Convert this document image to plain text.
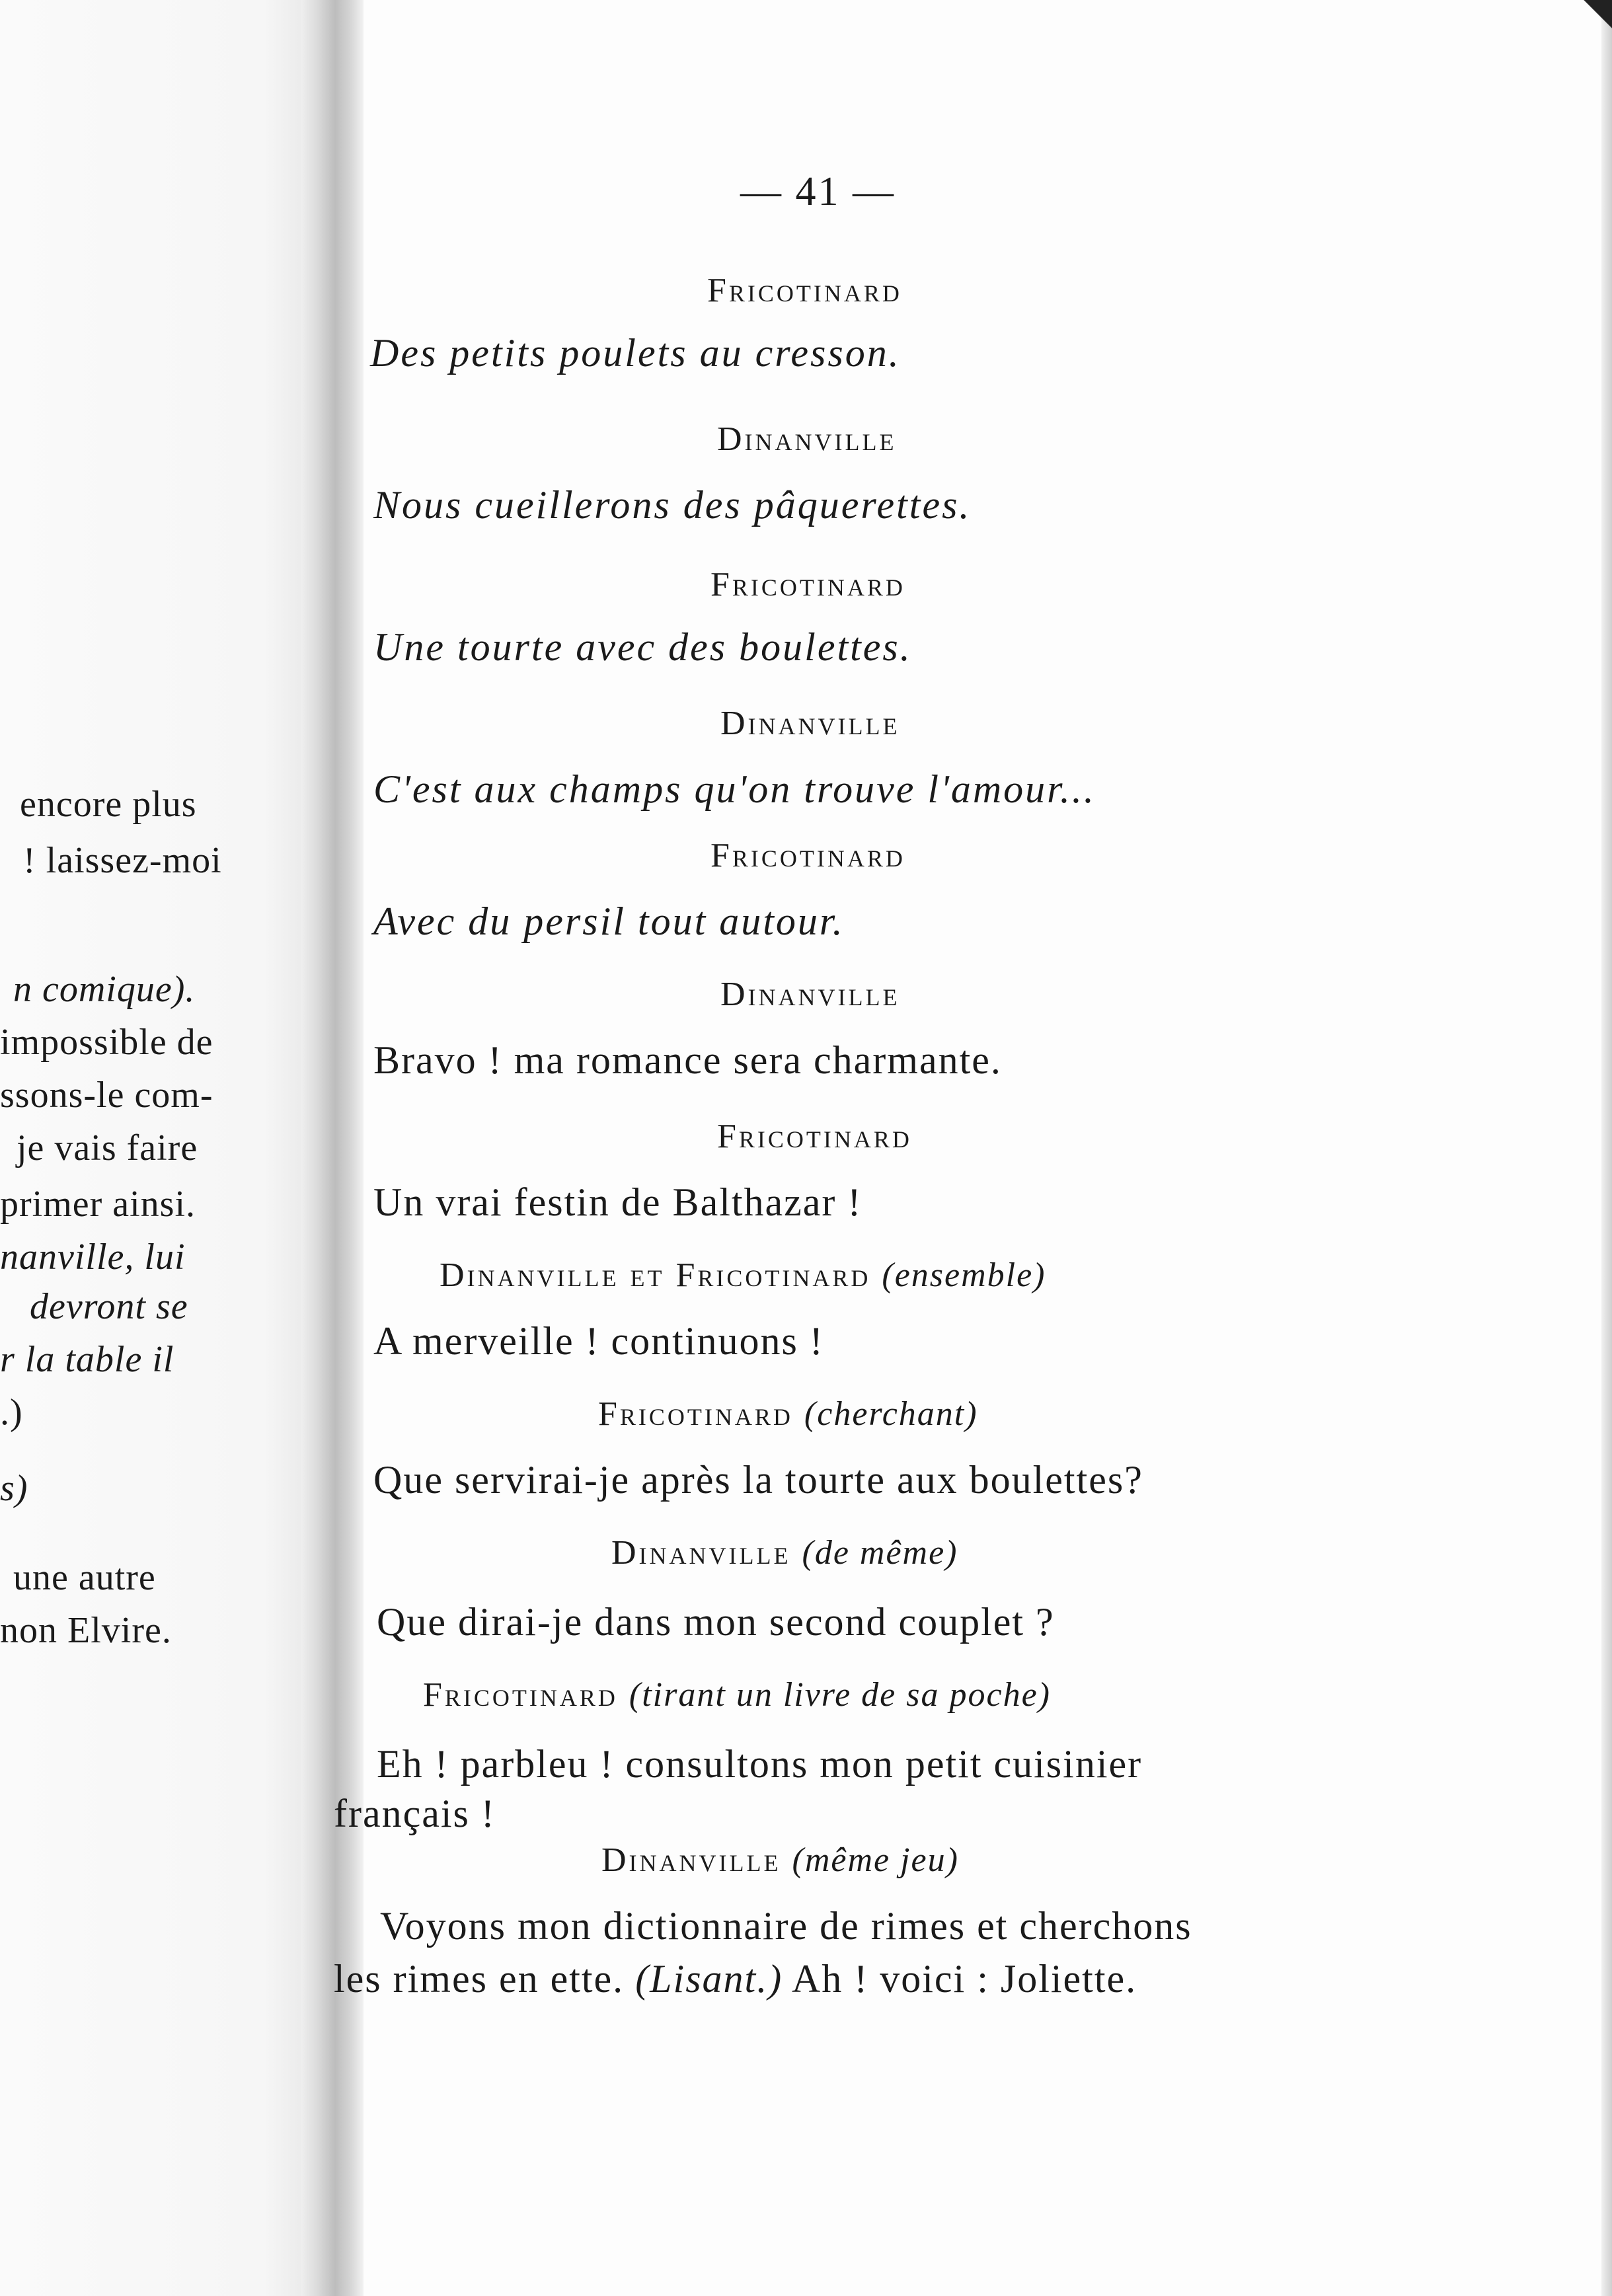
encore plus
! laissez-moi
n comique).
impossible de
ssons-le com-
je vais faire
primer ainsi.
nanville, lui
devront se
r la table il
.)
s)
une autre
non Elvire.
— 41 —
Fricotinard
Des petits poulets au cresson.
Dinanville
Nous cueillerons des pâquerettes.
Fricotinard
Une tourte avec des boulettes.
Dinanville
C'est aux champs qu'on trouve l'amour...
Fricotinard
Avec du persil tout autour.
Dinanville
Bravo ! ma romance sera charmante.
Fricotinard
Un vrai festin de Balthazar !
Dinanville et Fricotinard (ensemble)
A merveille ! continuons !
Fricotinard (cherchant)
Que servirai-je après la tourte aux boulettes?
Dinanville (de même)
Que dirai-je dans mon second couplet ?
Fricotinard (tirant un livre de sa poche)
Eh ! parbleu ! consultons mon petit cuisinier
français !
Dinanville (même jeu)
Voyons mon dictionnaire de rimes et cherchons
les rimes en ette. (Lisant.) Ah ! voici : Joliette.
